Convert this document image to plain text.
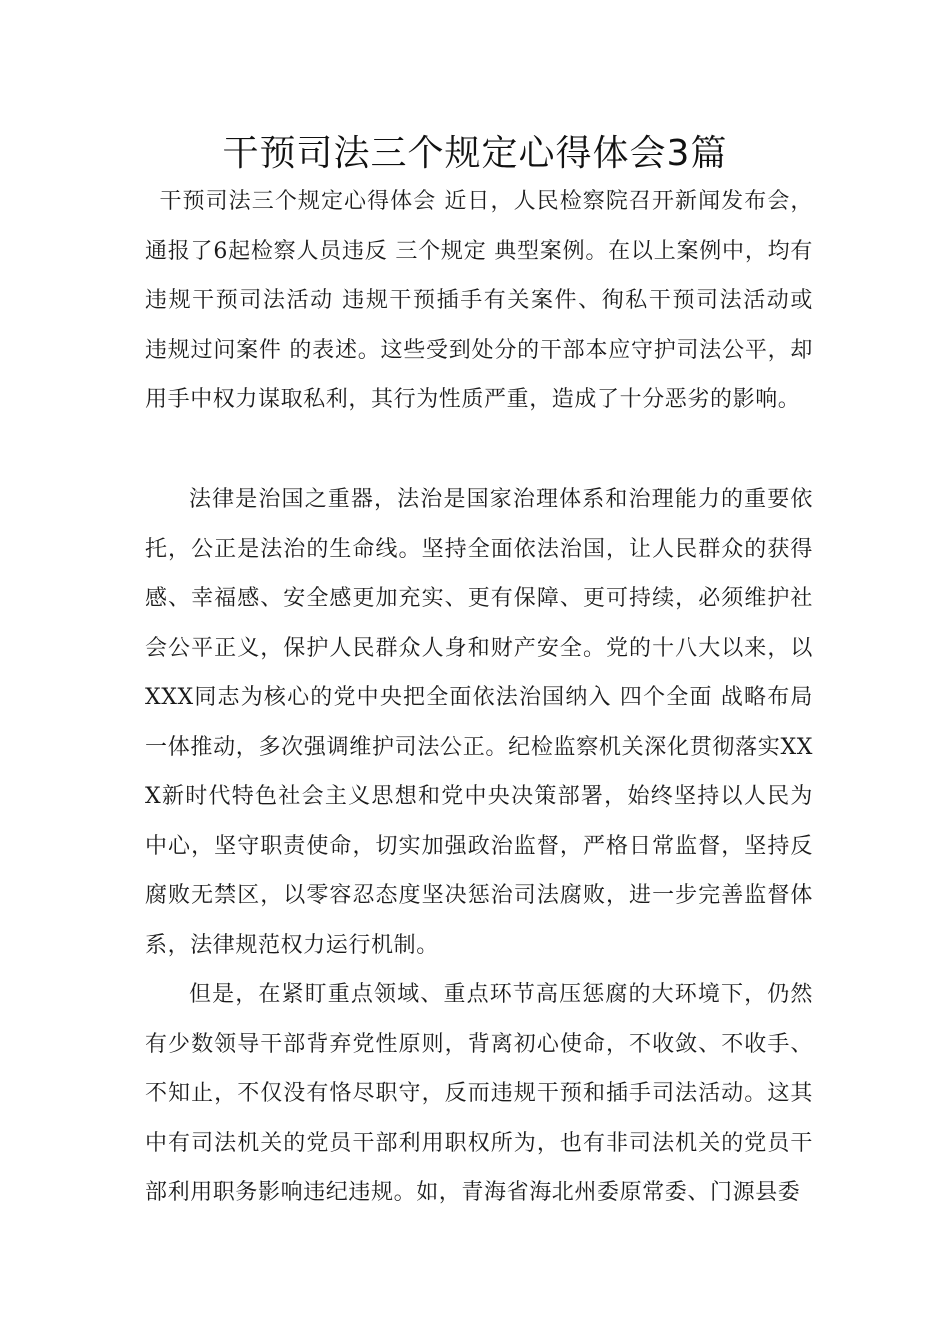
干预司法三个规定心得体会3篇

干预司法三个规定心得体会 近日，人民检察院召开新闻发布会，通报了6起检察人员违反 三个规定 典型案例。在以上案例中，均有 违规干预司法活动 违规干预插手有关案件、徇私干预司法活动或 违规过问案件 的表述。这些受到处分的干部本应守护司法公平，却用手中权力谋取私利，其行为性质严重，造成了十分恶劣的影响。

法律是治国之重器，法治是国家治理体系和治理能力的重要依托，公正是法治的生命线。坚持全面依法治国，让人民群众的获得感、幸福感、安全感更加充实、更有保障、更可持续，必须维护社会公平正义，保护人民群众人身和财产安全。党的十八大以来，以XXX同志为核心的党中央把全面依法治国纳入 四个全面 战略布局一体推动，多次强调维护司法公正。纪检监察机关深化贯彻落实XXX新时代特色社会主义思想和党中央决策部署，始终坚持以人民为中心，坚守职责使命，切实加强政治监督，严格日常监督，坚持反腐败无禁区，以零容忍态度坚决惩治司法腐败，进一步完善监督体系，法律规范权力运行机制。

但是，在紧盯重点领域、重点环节高压惩腐的大环境下，仍然有少数领导干部背弃党性原则，背离初心使命，不收敛、不收手、不知止，不仅没有恪尽职守，反而违规干预和插手司法活动。这其中有司法机关的党员干部利用职权所为，也有非司法机关的党员干部利用职务影响违纪违规。如，青海省海北州委原常委、门源县委
